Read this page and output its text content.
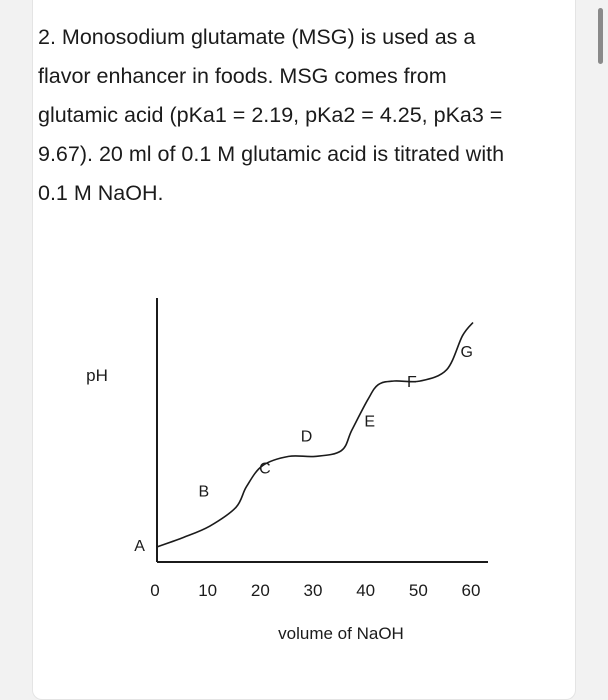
2. Monosodium glutamate (MSG) is used as a flavor enhancer in foods. MSG comes from glutamic acid (pKa1 = 2.19, pKa2 = 4.25, pKa3 = 9.67). 20 ml of 0.1 M glutamic acid is titrated with 0.1 M NaOH.

pH
volume of NaOH
0 10 20 30 40 50 60
A
B
C
D
E
F
G
